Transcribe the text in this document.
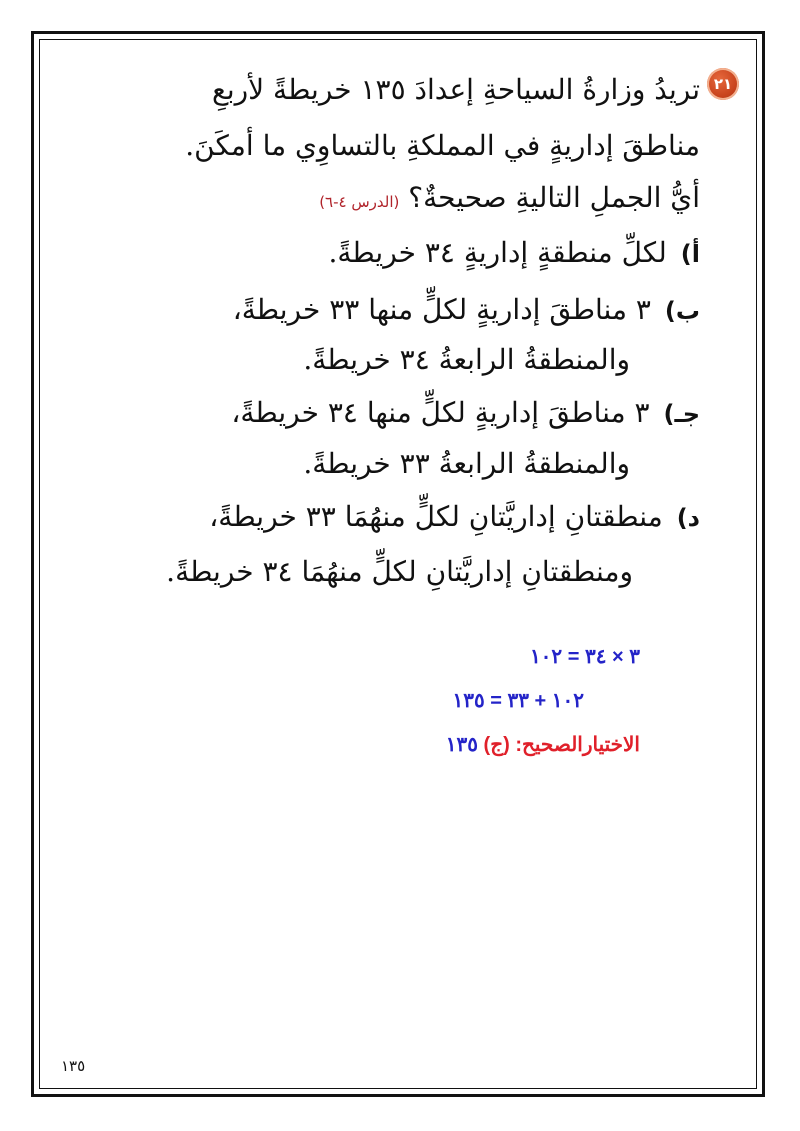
٢١
تريدُ وزارةُ السياحةِ إعدادَ ١٣٥ خريطةً لأربعِ
مناطقَ إداريةٍ في المملكةِ بالتساوِي ما أمكَنَ.
أيُّ الجملِ التاليةِ صحيحةٌ؟ (الدرس ٤-٦)
أ)لكلِّ منطقةٍ إداريةٍ ٣٤ خريطةً.
ب)٣ مناطقَ إداريةٍ لكلٍّ منها ٣٣ خريطةً،
والمنطقةُ الرابعةُ ٣٤ خريطةً.
جـ)٣ مناطقَ إداريةٍ لكلٍّ منها ٣٤ خريطةً،
والمنطقةُ الرابعةُ ٣٣ خريطةً.
د)منطقتانِ إداريَّتانِ لكلٍّ منهُمَا ٣٣ خريطةً،
ومنطقتانِ إداريَّتانِ لكلٍّ منهُمَا ٣٤ خريطةً.
٣ × ٣٤ = ١٠٢
١٠٢ + ٣٣ = ١٣٥
الاختيارالصحيح: (ج) ١٣٥
١٣٥
